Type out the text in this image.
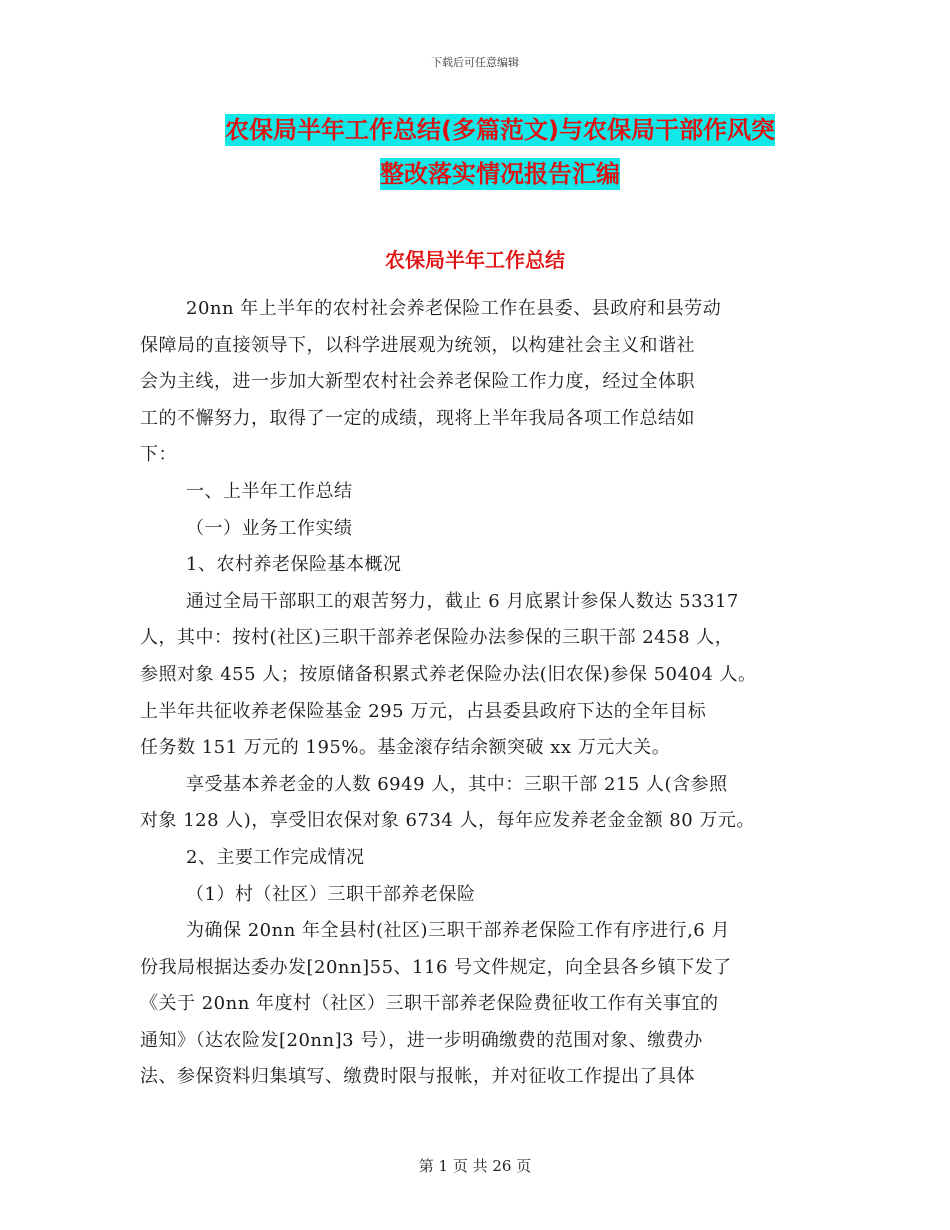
下载后可任意编辑
农保局半年工作总结(多篇范文)与农保局干部作风突
整改落实情况报告汇编
农保局半年工作总结
20nn 年上半年的农村社会养老保险工作在县委、县政府和县劳动
保障局的直接领导下，以科学进展观为统领，以构建社会主义和谐社
会为主线，进一步加大新型农村社会养老保险工作力度，经过全体职
工的不懈努力，取得了一定的成绩，现将上半年我局各项工作总结如
下：
一、上半年工作总结
（一）业务工作实绩
1、农村养老保险基本概况
通过全局干部职工的艰苦努力，截止 6 月底累计参保人数达 53317
人，其中：按村(社区)三职干部养老保险办法参保的三职干部 2458 人，
参照对象 455 人；按原储备积累式养老保险办法(旧农保)参保 50404 人。
上半年共征收养老保险基金 295 万元，占县委县政府下达的全年目标
任务数 151 万元的 195%。基金滚存结余额突破 xx 万元大关。
享受基本养老金的人数 6949 人，其中：三职干部 215 人(含参照
对象 128 人)，享受旧农保对象 6734 人，每年应发养老金金额 80 万元。
2、主要工作完成情况
（1）村（社区）三职干部养老保险
为确保 20nn 年全县村(社区)三职干部养老保险工作有序进行,6 月
份我局根据达委办发[20nn]55、116 号文件规定，向全县各乡镇下发了
《关于 20nn 年度村（社区）三职干部养老保险费征收工作有关事宜的
通知》（达农险发[20nn]3 号），进一步明确缴费的范围对象、缴费办
法、参保资料归集填写、缴费时限与报帐，并对征收工作提出了具体
第 1 页 共 26 页
